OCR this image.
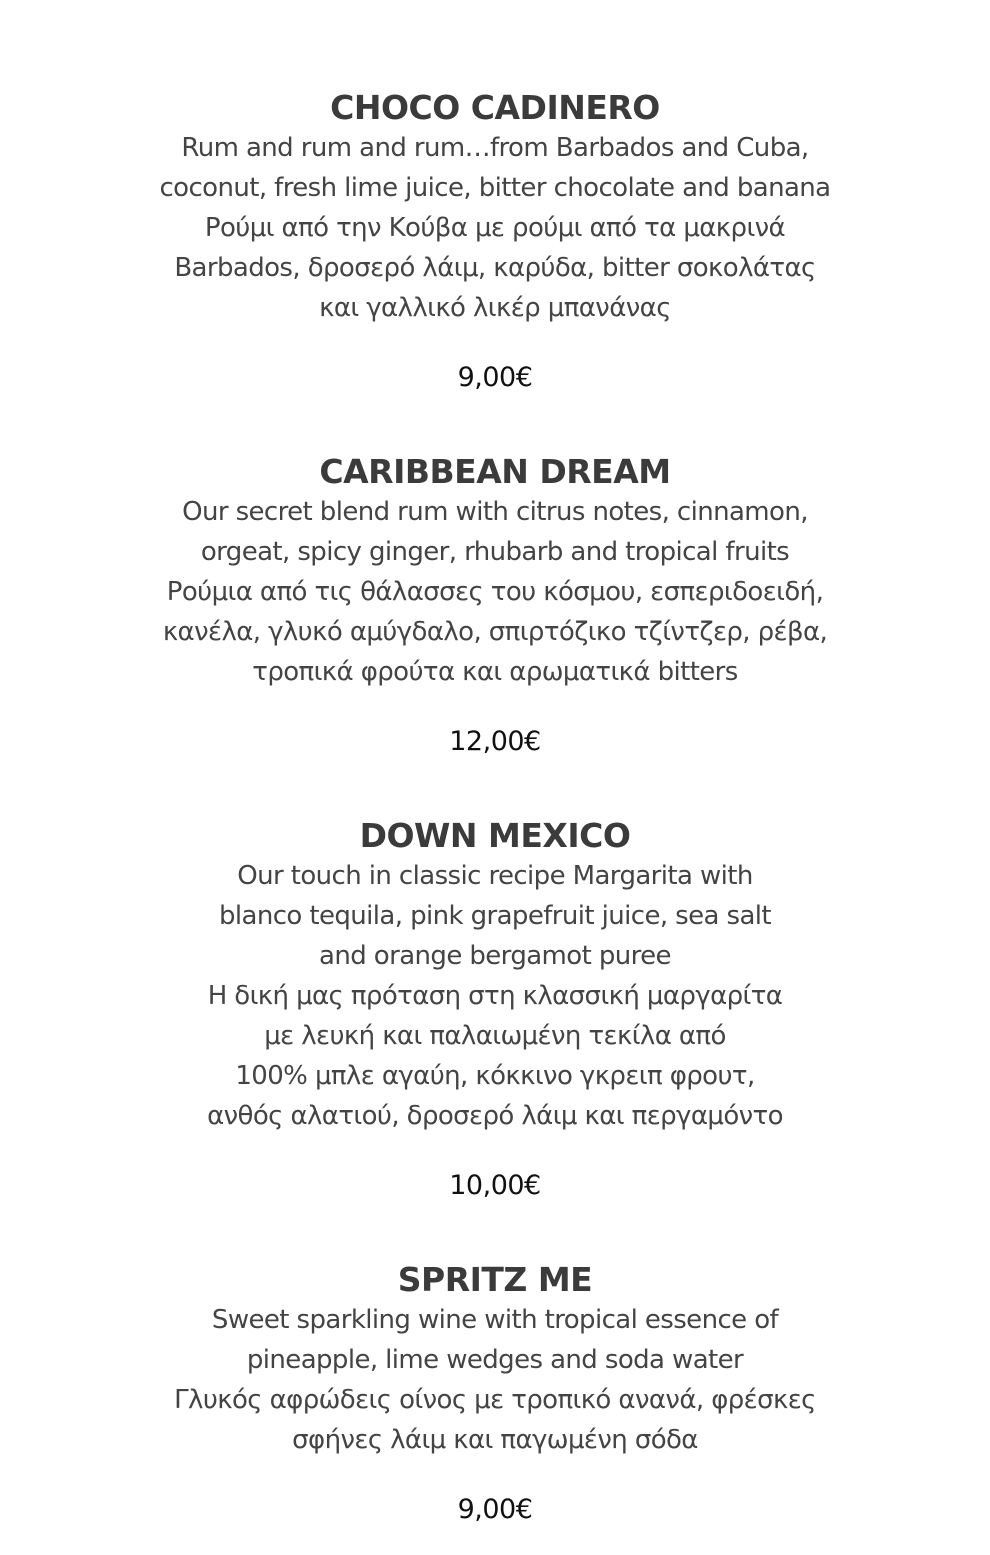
CHOCO CADINERO
Rum and rum and rum…from Barbados and Cuba,
coconut, fresh lime juice, bitter chocolate and banana
Ρούμι από την Κούβα με ρούμι από τα μακρινά
Barbados, δροσερό λάιμ, καρύδα, bitter σοκολάτας
και γαλλικό λικέρ μπανάνας
9,00€
CARIBBEAN DREAM
Our secret blend rum with citrus notes, cinnamon,
orgeat, spicy ginger, rhubarb and tropical fruits
Ρούμια από τις θάλασσες του κόσμου, εσπεριδοειδή,
κανέλα, γλυκό αμύγδαλο, σπιρτόζικο τζίντζερ, ρέβα,
τροπικά φρούτα και αρωματικά bitters
12,00€
DOWN MEXICO
Our touch in classic recipe Margarita with
blanco tequila, pink grapefruit juice, sea salt
and orange bergamot puree
Η δική μας πρόταση στη κλασσική μαργαρίτα
με λευκή και παλαιωμένη τεκίλα από
100% μπλε αγαύη, κόκκινο γκρειπ φρουτ,
ανθός αλατιού, δροσερό λάιμ και περγαμόντο
10,00€
SPRITZ ME
Sweet sparkling wine with tropical essence of
pineapple, lime wedges and soda water
Γλυκός αφρώδεις οίνος με τροπικό ανανά, φρέσκες
σφήνες λάιμ και παγωμένη σόδα
9,00€
